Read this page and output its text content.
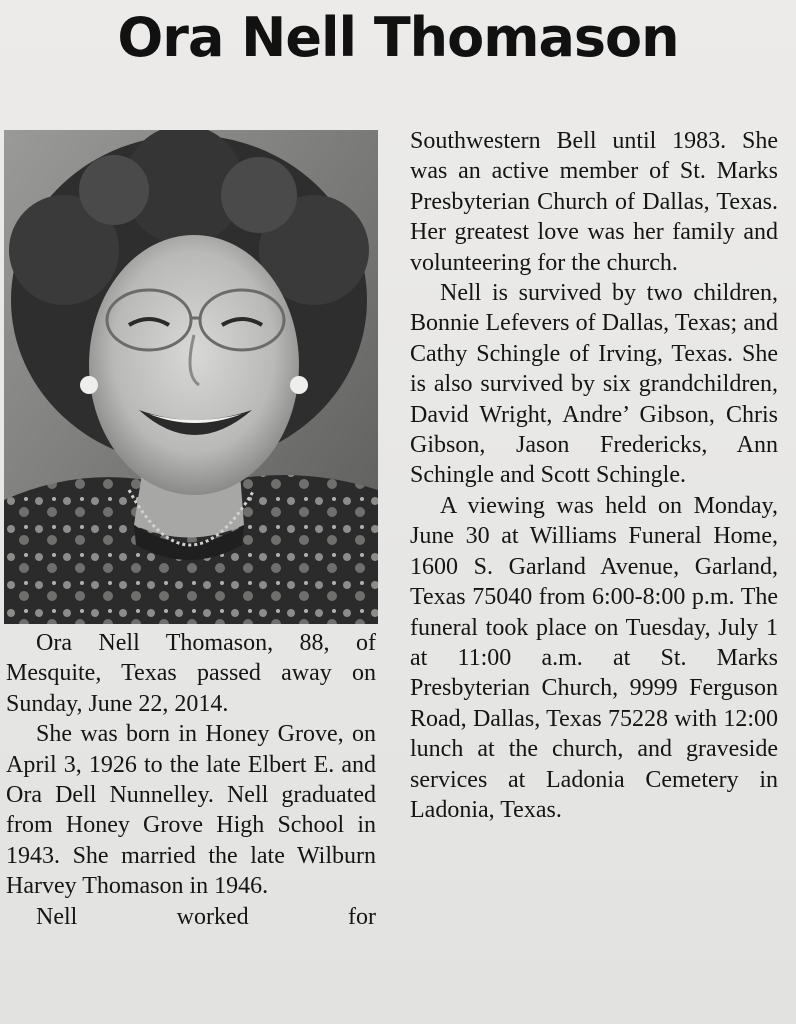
Ora Nell Thomason

Ora Nell Thomason, 88, of Mesquite, Texas passed away on Sunday, June 22, 2014.

She was born in Honey Grove, on April 3, 1926 to the late Elbert E. and Ora Dell Nunnelley. Nell graduated from Honey Grove High School in 1943. She married the late Wilburn Harvey Thomason in 1946.

Nell worked for

Southwestern Bell until 1983. She was an active member of St. Marks Presbyterian Church of Dallas, Texas. Her greatest love was her family and volunteering for the church.

Nell is survived by two children, Bonnie Lefevers of Dallas, Texas; and Cathy Schingle of Irving, Texas. She is also survived by six grandchildren, David Wright, Andre’ Gibson, Chris Gibson, Jason Fredericks, Ann Schingle and Scott Schingle.

A viewing was held on Monday, June 30 at Williams Funeral Home, 1600 S. Garland Avenue, Garland, Texas 75040 from 6:00-8:00 p.m. The funeral took place on Tuesday, July 1 at 11:00 a.m. at St. Marks Presbyterian Church, 9999 Ferguson Road, Dallas, Texas 75228 with 12:00 lunch at the church, and graveside services at Ladonia Cemetery in Ladonia, Texas.
